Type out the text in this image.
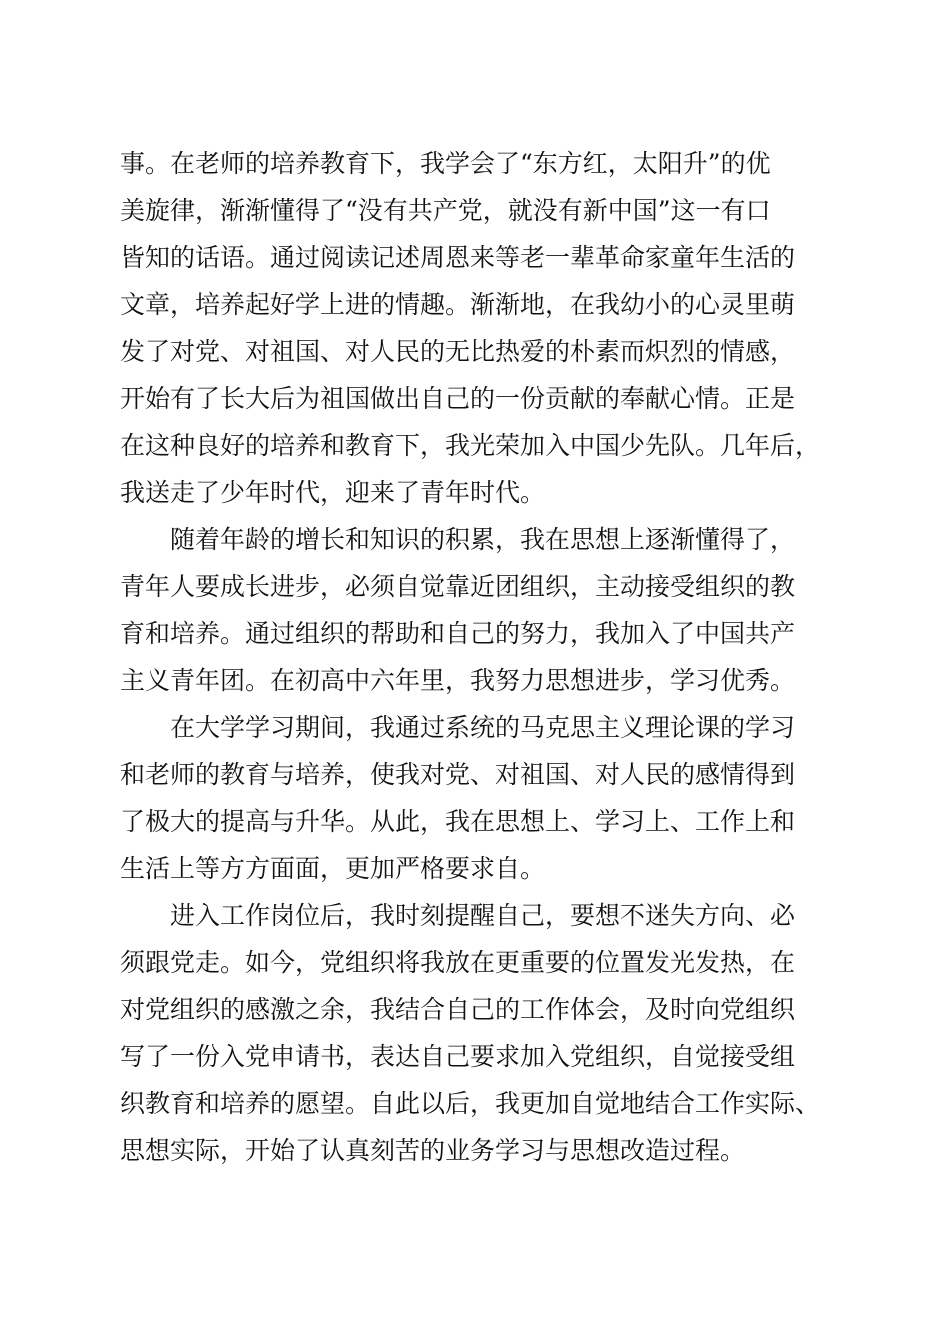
事。在老师的培养教育下，我学会了“东方红，太阳升”的优
美旋律，渐渐懂得了“没有共产党，就没有新中国”这一有口
皆知的话语。通过阅读记述周恩来等老一辈革命家童年生活的
文章，培养起好学上进的情趣。渐渐地，在我幼小的心灵里萌
发了对党、对祖国、对人民的无比热爱的朴素而炽烈的情感，
开始有了长大后为祖国做出自己的一份贡献的奉献心情。正是
在这种良好的培养和教育下，我光荣加入中国少先队。几年后，
我送走了少年时代，迎来了青年时代。
　　随着年龄的增长和知识的积累，我在思想上逐渐懂得了，
青年人要成长进步，必须自觉靠近团组织，主动接受组织的教
育和培养。通过组织的帮助和自己的努力，我加入了中国共产
主义青年团。在初高中六年里，我努力思想进步，学习优秀。
　　在大学学习期间，我通过系统的马克思主义理论课的学习
和老师的教育与培养，使我对党、对祖国、对人民的感情得到
了极大的提高与升华。从此，我在思想上、学习上、工作上和
生活上等方方面面，更加严格要求自。
　　进入工作岗位后，我时刻提醒自己，要想不迷失方向、必
须跟党走。如今，党组织将我放在更重要的位置发光发热，在
对党组织的感激之余，我结合自己的工作体会，及时向党组织
写了一份入党申请书，表达自己要求加入党组织，自觉接受组
织教育和培养的愿望。自此以后，我更加自觉地结合工作实际、
思想实际，开始了认真刻苦的业务学习与思想改造过程。
